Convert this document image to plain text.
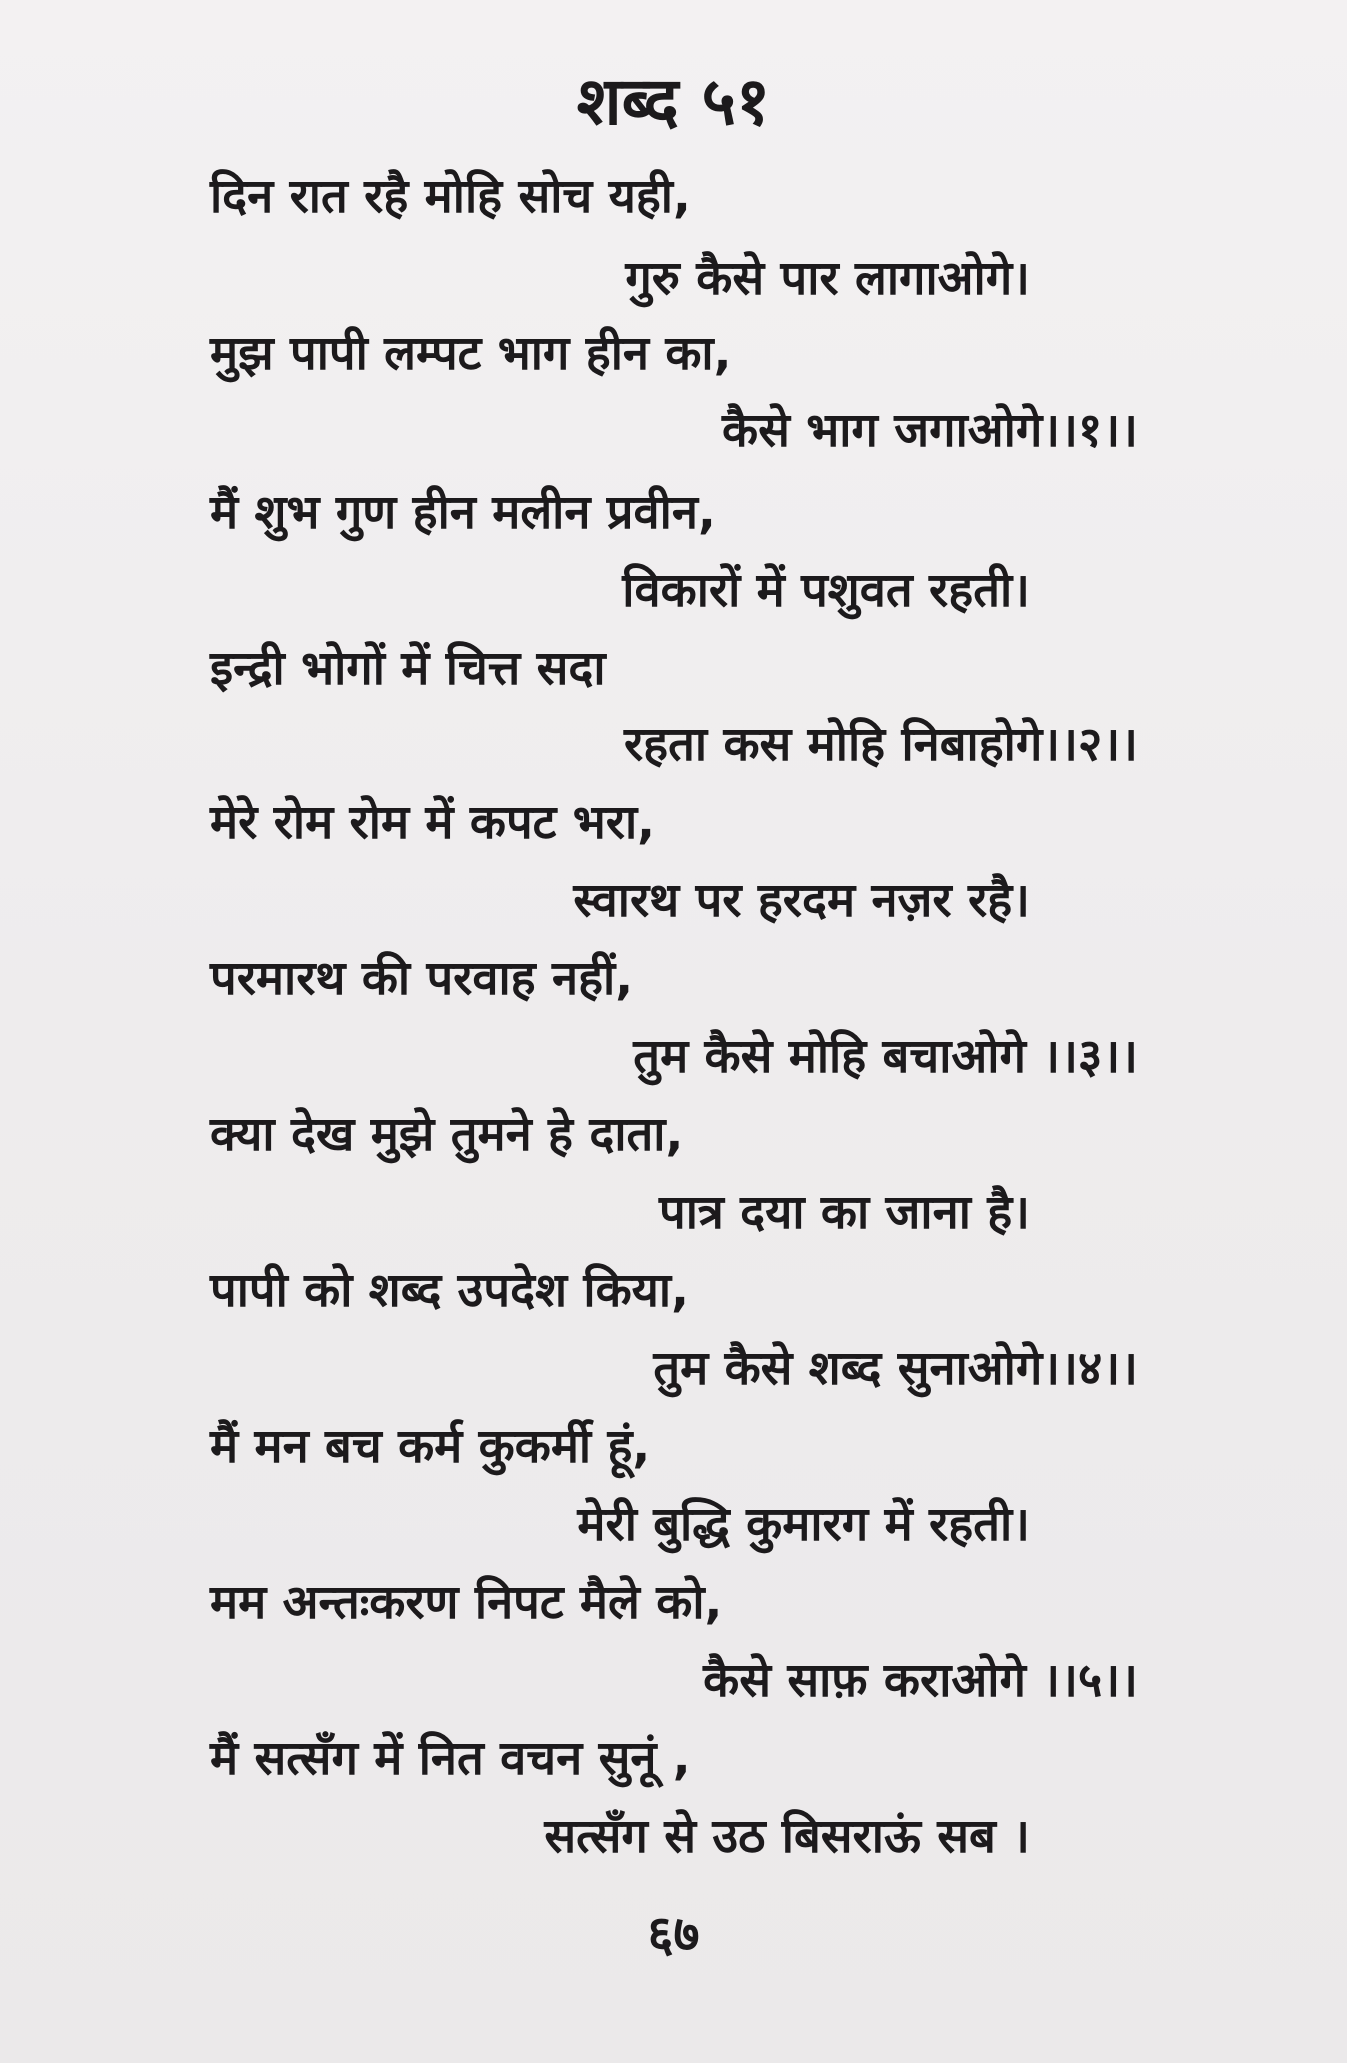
शब्द ५१
दिन रात रहै मोहि सोच यही,
गुरु कैसे पार लागाओगे।
मुझ पापी लम्पट भाग हीन का,
कैसे भाग जगाओगे।।१।।
मैं शुभ गुण हीन मलीन प्रवीन,
विकारों में पशुवत रहती।
इन्द्री भोगों में चित्त सदा
रहता कस मोहि निबाहोगे।।२।।
मेरे रोम रोम में कपट भरा,
स्वारथ पर हरदम नज़र रहै।
परमारथ की परवाह नहीं,
तुम कैसे मोहि बचाओगे ।।३।।
क्या देख मुझे तुमने हे दाता,
पात्र दया का जाना है।
पापी को शब्द उपदेश किया,
तुम कैसे शब्द सुनाओगे।।४।।
मैं मन बच कर्म कुकर्मी हूं,
मेरी बुद्धि कुमारग में रहती।
मम अन्तःकरण निपट मैले को,
कैसे साफ़ कराओगे ।।५।।
मैं सत्सँग में नित वचन सुनूं ,
सत्सँग से उठ बिसराऊं सब ।
६७
